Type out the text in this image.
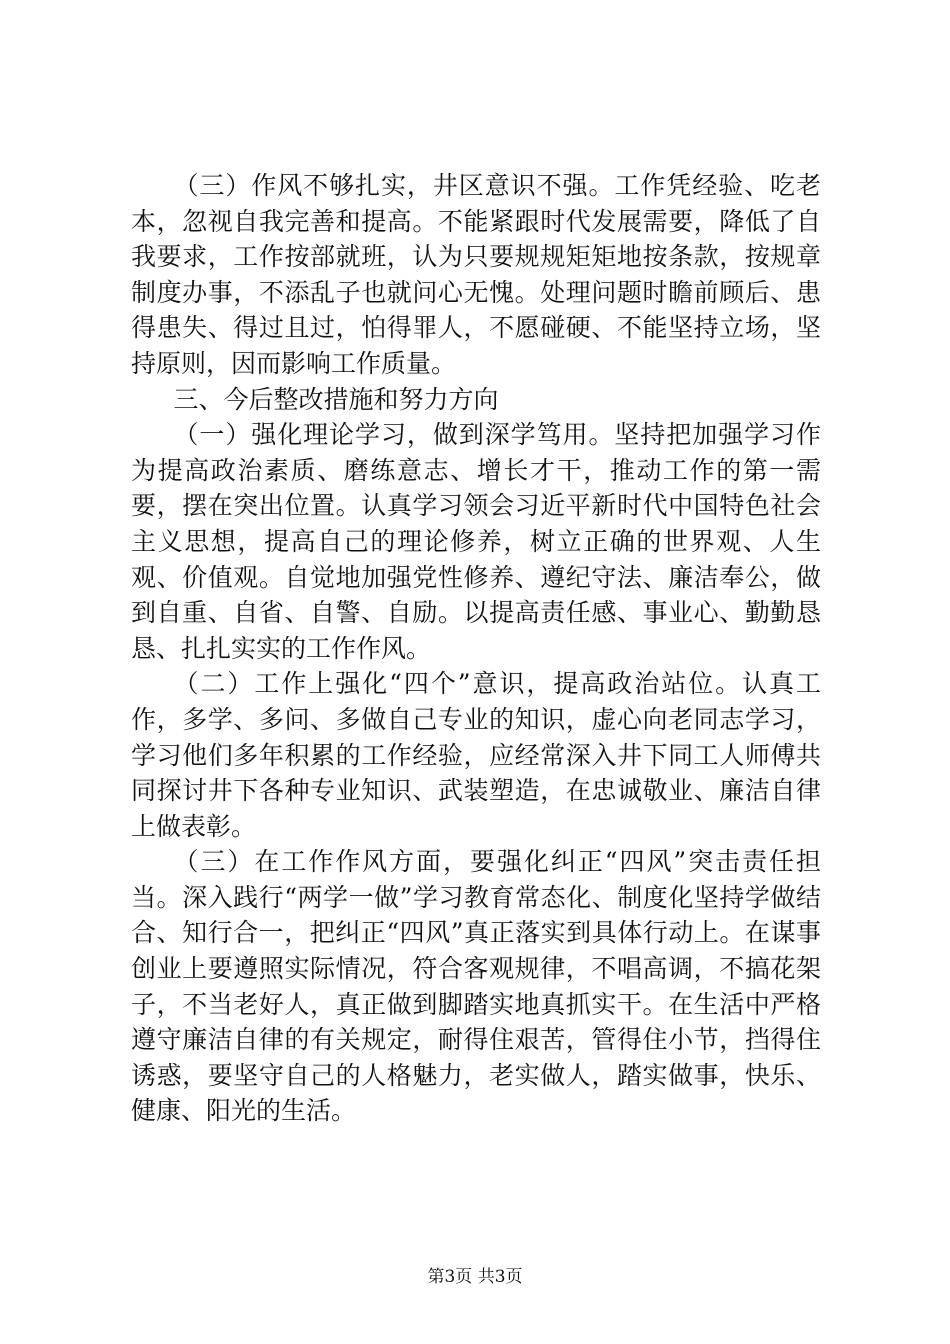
（三）作风不够扎实，井区意识不强。工作凭经验、吃老本，忽视自我完善和提高。不能紧跟时代发展需要，降低了自我要求，工作按部就班，认为只要规规矩矩地按条款，按规章制度办事，不添乱子也就问心无愧。处理问题时瞻前顾后、患得患失、得过且过，怕得罪人，不愿碰硬、不能坚持立场，坚持原则，因而影响工作质量。

三、今后整改措施和努力方向

（一）强化理论学习，做到深学笃用。坚持把加强学习作为提高政治素质、磨练意志、增长才干，推动工作的第一需要，摆在突出位置。认真学习领会习近平新时代中国特色社会主义思想，提高自己的理论修养，树立正确的世界观、人生观、价值观。自觉地加强党性修养、遵纪守法、廉洁奉公，做到自重、自省、自警、自励。以提高责任感、事业心、勤勤恳恳、扎扎实实的工作作风。

（二）工作上强化“四个”意识，提高政治站位。认真工作，多学、多问、多做自己专业的知识，虚心向老同志学习，学习他们多年积累的工作经验，应经常深入井下同工人师傅共同探讨井下各种专业知识、武装塑造，在忠诚敬业、廉洁自律上做表彰。

（三）在工作作风方面，要强化纠正“四风”突击责任担当。深入践行“两学一做”学习教育常态化、制度化坚持学做结合、知行合一，把纠正“四风”真正落实到具体行动上。在谋事创业上要遵照实际情况，符合客观规律，不唱高调，不搞花架子，不当老好人，真正做到脚踏实地真抓实干。在生活中严格遵守廉洁自律的有关规定，耐得住艰苦，管得住小节，挡得住诱惑，要坚守自己的人格魅力，老实做人，踏实做事，快乐、健康、阳光的生活。

第3页 共3页
